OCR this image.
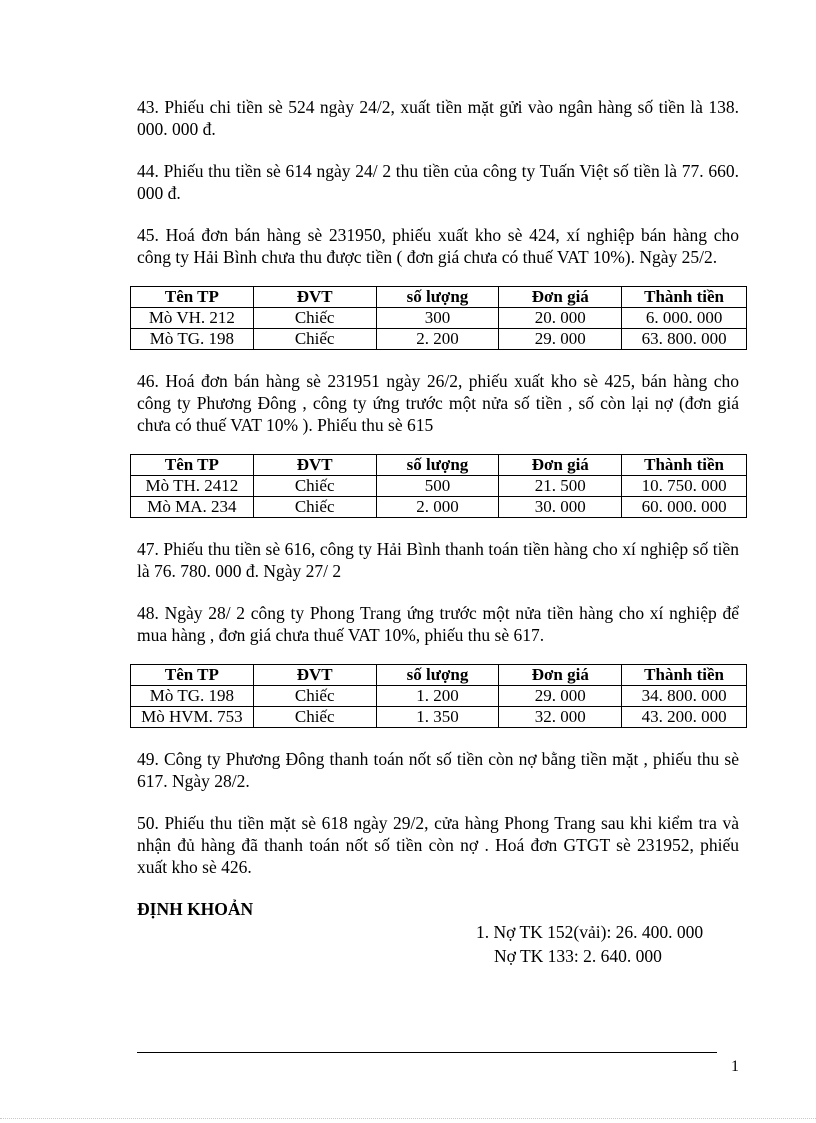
43. Phiếu chi tiền sè 524 ngày 24/2, xuất tiền mặt gửi vào ngân hàng số tiền là 138. 000. 000 đ.

44. Phiếu thu tiền sè 614 ngày 24/ 2 thu tiền của công ty Tuấn Việt số tiền là 77. 660. 000 đ.

45. Hoá đơn bán hàng sè 231950, phiếu xuất kho sè 424, xí nghiệp bán hàng cho công ty Hải Bình chưa thu được tiền ( đơn giá chưa có thuế VAT 10%). Ngày 25/2.

Tên TP	ĐVT	số lượng	Đơn giá	Thành tiền
Mò VH. 212	Chiếc	300	20. 000	6. 000. 000
Mò TG. 198	Chiếc	2. 200	29. 000	63. 800. 000

46. Hoá đơn bán hàng sè 231951 ngày 26/2, phiếu xuất kho sè 425, bán hàng cho công ty Phương Đông , công ty ứng trước một nửa số tiền , số còn lại nợ (đơn giá chưa có thuế VAT 10% ). Phiếu thu sè 615

Tên TP	ĐVT	số lượng	Đơn giá	Thành tiền
Mò TH. 2412	Chiếc	500	21. 500	10. 750. 000
Mò MA. 234	Chiếc	2. 000	30. 000	60. 000. 000

47. Phiếu thu tiền sè 616, công ty Hải Bình thanh toán tiền hàng cho xí nghiệp số tiền là 76. 780. 000 đ. Ngày 27/ 2

48. Ngày 28/ 2 công ty Phong Trang ứng trước một nửa tiền hàng cho xí nghiệp để mua hàng , đơn giá chưa thuế VAT 10%, phiếu thu sè 617.

Tên TP	ĐVT	số lượng	Đơn giá	Thành tiền
Mò TG. 198	Chiếc	1. 200	29. 000	34. 800. 000
Mò HVM. 753	Chiếc	1. 350	32. 000	43. 200. 000

49. Công ty Phương Đông thanh toán nốt số tiền còn nợ bằng tiền mặt , phiếu thu sè 617. Ngày 28/2.

50. Phiếu thu tiền mặt sè 618 ngày 29/2, cửa hàng Phong Trang sau khi kiểm tra và nhận đủ hàng đã thanh toán nốt số tiền còn nợ . Hoá đơn GTGT sè 231952, phiếu xuất kho sè 426.

ĐỊNH KHOẢN
1. Nợ TK 152(vải): 26. 400. 000
Nợ TK 133: 2. 640. 000
1
